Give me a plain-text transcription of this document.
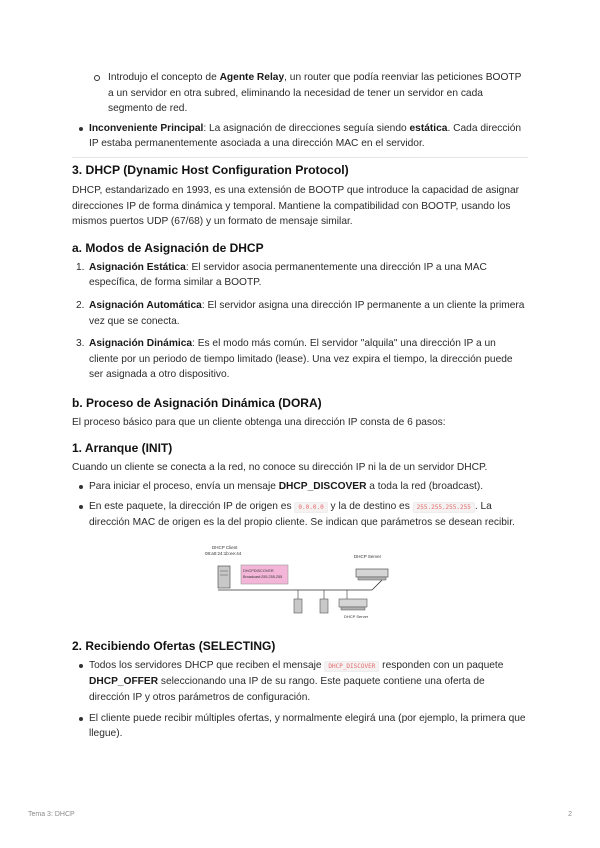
Introdujo el concepto de Agente Relay, un router que podía reenviar las peticiones BOOTP a un servidor en otra subred, eliminando la necesidad de tener un servidor en cada segmento de red.
Inconveniente Principal: La asignación de direcciones seguía siendo estática. Cada dirección IP estaba permanentemente asociada a una dirección MAC en el servidor.
3. DHCP (Dynamic Host Configuration Protocol)

DHCP, estandarizado en 1993, es una extensión de BOOTP que introduce la capacidad de asignar direcciones IP de forma dinámica y temporal. Mantiene la compatibilidad con BOOTP, usando los mismos puertos UDP (67/68) y un formato de mensaje similar.

a. Modos de Asignación de DHCP
1. Asignación Estática: El servidor asocia permanentemente una dirección IP a una MAC específica, de forma similar a BOOTP.
2. Asignación Automática: El servidor asigna una dirección IP permanente a un cliente la primera vez que se conecta.
3. Asignación Dinámica: Es el modo más común. El servidor "alquila" una dirección IP a un cliente por un periodo de tiempo limitado (lease). Una vez expira el tiempo, la dirección puede ser asignada a otro dispositivo.
b. Proceso de Asignación Dinámica (DORA)

El proceso básico para que un cliente obtenga una dirección IP consta de 6 pasos:

1. Arranque (INIT)

Cuando un cliente se conecta a la red, no conoce su dirección IP ni la de un servidor DHCP.

Para iniciar el proceso, envía un mensaje DHCP_DISCOVER a toda la red (broadcast).
En este paquete, la dirección IP de origen es 0.0.0.0 y la de destino es 255.255.255.255 . La dirección MAC de origen es la del propio cliente. Se indican que parámetros se desean recibir.
DHCP Client
08:a0:24:1b:ee:44
DHCPDISCOVER
Broadcast:255.255.255
DHCP Server
DHCP Server
2. Recibiendo Ofertas (SELECTING)
Todos los servidores DHCP que reciben el mensaje DHCP_DISCOVER responden con un paquete DHCP_OFFER seleccionando una IP de su rango. Este paquete contiene una oferta de dirección IP y otros parámetros de configuración.
El cliente puede recibir múltiples ofertas, y normalmente elegirá una (por ejemplo, la primera que llegue).
Tema 3: DHCP	2
